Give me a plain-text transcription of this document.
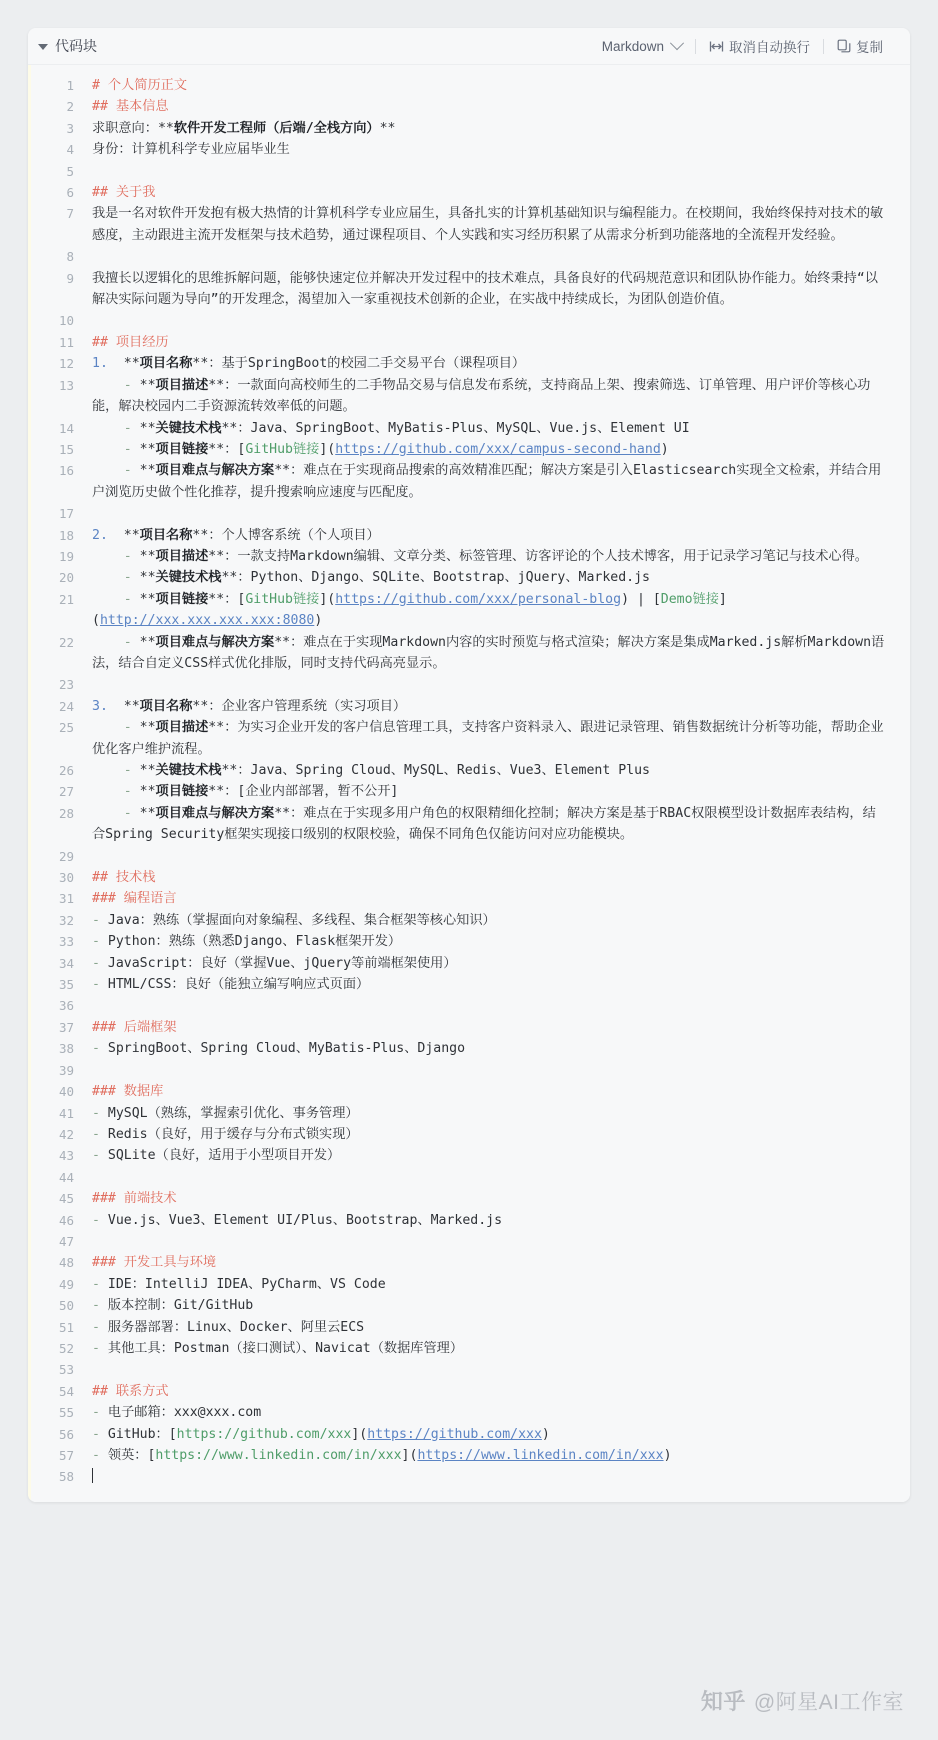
代码块	Markdown	取消自动换行	复制
1	# 个人简历正文
2	## 基本信息
3	求职意向：**软件开发工程师（后端/全栈方向）**
4	身份：计算机科学专业应届毕业生
5

6	## 关于我
7	我是一名对软件开发抱有极大热情的计算机科学专业应届生，具备扎实的计算机基础知识与编程能力。在校期间，我始终保持对技术的敏感度，主动跟进主流开发框架与技术趋势，通过课程项目、个人实践和实习经历积累了从需求分析到功能落地的全流程开发经验。
8

9	我擅长以逻辑化的思维拆解问题，能够快速定位并解决开发过程中的技术难点，具备良好的代码规范意识和团队协作能力。始终秉持“以解决实际问题为导向”的开发理念，渴望加入一家重视技术创新的企业，在实战中持续成长，为团队创造价值。
10

11	## 项目经历
12	1.  **项目名称**：基于SpringBoot的校园二手交易平台（课程项目）
13	- **项目描述**：一款面向高校师生的二手物品交易与信息发布系统，支持商品上架、搜索筛选、订单管理、用户评价等核心功能，解决校园内二手资源流转效率低的问题。
14	- **关键技术栈**：Java、SpringBoot、MyBatis-Plus、MySQL、Vue.js、Element UI
15	- **项目链接**：[GitHub链接](https://github.com/xxx/campus-second-hand)
16	- **项目难点与解决方案**：难点在于实现商品搜索的高效精准匹配；解决方案是引入Elasticsearch实现全文检索，并结合用户浏览历史做个性化推荐，提升搜索响应速度与匹配度。
17

18	2.  **项目名称**：个人博客系统（个人项目）
19	- **项目描述**：一款支持Markdown编辑、文章分类、标签管理、访客评论的个人技术博客，用于记录学习笔记与技术心得。
20	- **关键技术栈**：Python、Django、SQLite、Bootstrap、jQuery、Marked.js
21	- **项目链接**：[GitHub链接](https://github.com/xxx/personal-blog) | [Demo链接](http://xxx.xxx.xxx.xxx:8080)
22	- **项目难点与解决方案**：难点在于实现Markdown内容的实时预览与格式渲染；解决方案是集成Marked.js解析Markdown语法，结合自定义CSS样式优化排版，同时支持代码高亮显示。
23

24	3.  **项目名称**：企业客户管理系统（实习项目）
25	- **项目描述**：为实习企业开发的客户信息管理工具，支持客户资料录入、跟进记录管理、销售数据统计分析等功能，帮助企业优化客户维护流程。
26	- **关键技术栈**：Java、Spring Cloud、MySQL、Redis、Vue3、Element Plus
27	- **项目链接**：[企业内部部署，暂不公开]
28	- **项目难点与解决方案**：难点在于实现多用户角色的权限精细化控制；解决方案是基于RBAC权限模型设计数据库表结构，结合Spring Security框架实现接口级别的权限校验，确保不同角色仅能访问对应功能模块。
29

30	## 技术栈
31	### 编程语言
32	- Java：熟练（掌握面向对象编程、多线程、集合框架等核心知识）
33	- Python：熟练（熟悉Django、Flask框架开发）
34	- JavaScript：良好（掌握Vue、jQuery等前端框架使用）
35	- HTML/CSS：良好（能独立编写响应式页面）
36

37	### 后端框架
38	- SpringBoot、Spring Cloud、MyBatis-Plus、Django
39

40	### 数据库
41	- MySQL（熟练，掌握索引优化、事务管理）
42	- Redis（良好，用于缓存与分布式锁实现）
43	- SQLite（良好，适用于小型项目开发）
44

45	### 前端技术
46	- Vue.js、Vue3、Element UI/Plus、Bootstrap、Marked.js
47

48	### 开发工具与环境
49	- IDE：IntelliJ IDEA、PyCharm、VS Code
50	- 版本控制：Git/GitHub
51	- 服务器部署：Linux、Docker、阿里云ECS
52	- 其他工具：Postman（接口测试）、Navicat（数据库管理）
53

54	## 联系方式
55	- 电子邮箱：xxx@xxx.com
56	- GitHub：[https://github.com/xxx](https://github.com/xxx)
57	- 领英：[https://www.linkedin.com/in/xxx](https://www.linkedin.com/in/xxx)
58
知乎 @阿星AI工作室
